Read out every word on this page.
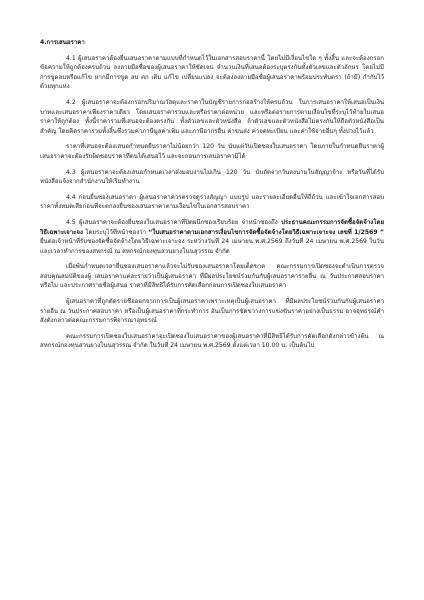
4.การเสนอราคา

4.1 ผู้เสนอราคาต้องยื่นเสนอราคาตามแบบที่กำหนดไว้ในเอกสารสอบราคานี้ โดยไม่มีเงื่อนไขใด ๆ ทั้งสิ้น และจะต้องกรอกข้อความให้ถูกต้องครบถ้วน ลงลายมือชื่อของผู้เสนอราคาให้ชัดเจน จำนวนเงินที่เสนอต้องระบุตรงกันทั้งตัวเลขและตัวอักษร โดยไม่มีการขูดลบหรือแก้ไข หากมีการขูด ลบ ตก เติม แก้ไข เปลี่ยนแปลง จะต้องลงลายมือชื่อผู้เสนอราคาพร้อมประทับตรา (ถ้ามี) กำกับไว้ด้วยทุกแห่ง

4.2 ผู้เสนอราคาจะต้องกรอกปริมาณวัสดุและราคาในบัญชีรายการก่อสร้างให้ครบถ้วน ในการเสนอราคาให้เสนอเป็นเงินบาทและเสนอราคาเพียงราคาเดียว โดยเสนอราคารวมและหรือราคาต่อหน่วย และหรือต่อรายการตามเงื่อนไขที่ระบุไว้ท้ายใบเสนอราคาให้ถูกต้อง ทั้งนี้ราคารวมที่เสนอจะต้องตรงกัน ทั้งตัวเลขและตัวหนังสือ ถ้าตัวเลขและตัวหนังสือไม่ตรงกันให้ถือตัวหนังสือเป็นสำคัญ โดยคิดราคารวมทั้งสิ้นซึ่งรวมค่าภาษีมูลค่าเพิ่ม และภาษีอากรอื่น ค่าขนส่ง ค่าจดทะเบียน และค่าใช้จ่ายอื่นๆ ทั้งปวงไว้แล้ว

ราคาที่เสนอจะต้องเสนอกำหนดยืนราคาไม่น้อยกว่า 120 วัน นับแต่วันเปิดซองใบเสนอราคา โดยภายในกำหนดยืนราคาผู้เสนอราคาจะต้องรับผิดชอบราคาที่ตนได้เสนอไว้ และจะถอนการเสนอราคามิได้

4.3 ผู้เสนอราคาจะต้องเสนอกำหนดเวลาส่งมอบงานไม่เกิน 120 วัน นับถัดจากวันลงนามในสัญญาจ้าง หรือวันที่ได้รับหนังสือแจ้งจากสำนักงานให้เริ่มทำงาน

4.4 ก่อนยื่นซองเสนอราคา ผู้เสนอราคาควรตรวจดูร่างสัญญา แบบรูป และรายละเอียดอื่นให้ถี่ถ้วน และเข้าใจเอกสารสอบราคาทั้งหมดเสียก่อนที่จะตกลงยื่นซองเสนอราคาตามเงื่อนไขในเอกสารสอบราคา

4.5 ผู้เสนอราคาจะต้องยื่นซองใบเสนอราคาที่ปิดผนึกซองเรียบร้อย จ่าหน้าซองถึง ประธานคณะกรรมการจัดซื้อจัดจ้างโดยวิธีเฉพาะเจาะจง โดยระบุไว้ที่หน้าซองว่า “ใบเสนอราคาตามเอกสารเงื่อนไขการจัดซื้อจัดจ้างโดยวิธีเฉพาะเจาะจง เลขที่ 1/2569 ” ยื่นต่อเจ้าหน้าที่รับซองจัดซื้อจัดจ้างโดยวิธีเฉพาะเจาะจง ระหว่างวันที่ 24 เมษายน พ.ศ.2569 ถึงวันที่ 24 เมษายน พ.ศ.2569 ในวันและเวลาทำการของสหกรณ์ ณ สหกรณ์กองทุนสวนยางโนนสุวรรณ จำกัด

เมื่อพ้นกำหนดเวลายื่นซองเสนอราคาแล้วจะไม่รับซองเสนอราคาโดยเด็ดขาด คณะกรรมการเปิดซองจะดำเนินการตรวจสอบคุณสมบัติของผู้ เสนอราคาแต่ละรายว่าเป็นผู้เสนอราคา ที่มีผลประโยชน์ร่วมกันกับผู้เสนอราคารายอื่น ณ วันประกาศสอบราคาหรือไม่ และประกาศรายชื่อผู้เสนอ ราคาที่มีสิทธิได้รับการคัดเลือกก่อนการเปิดซองใบเสนอราคา

ผู้เสนอราคาที่ถูกตัดรายชื่อออกจากการเป็นผู้เสนอราคาเพราะเหตุเป็นผู้เสนอราคา ที่มีผลประโยชน์ร่วมกันกับผู้เสนอราคารายอื่น ณ วันประกาศสอบราคา หรือเป็นผู้เสนอราคาที่กระทำการ อันเป็นการขัดขวางการแข่งขันราคาอย่างเป็นธรรม อาจอุทธรณ์คำสั่งดังกล่าวต่อคณะกรรมการพิจารณาอุทธรณ์

คณะกรรมการเปิดซองใบเสนอราคาจะเปิดซองใบเสนอราคาของผู้เสนอราคาที่มีสิทธิได้รับการคัดเลือกดังกล่าวข้างต้น ณ สหกรณ์กองทุนสวนยางโนนสุวรรณ จำกัด ในวันที่ 24 เมษายน พ.ศ.2569 ตั้งแต่เวลา 10.00 น. เป็นต้นไป
